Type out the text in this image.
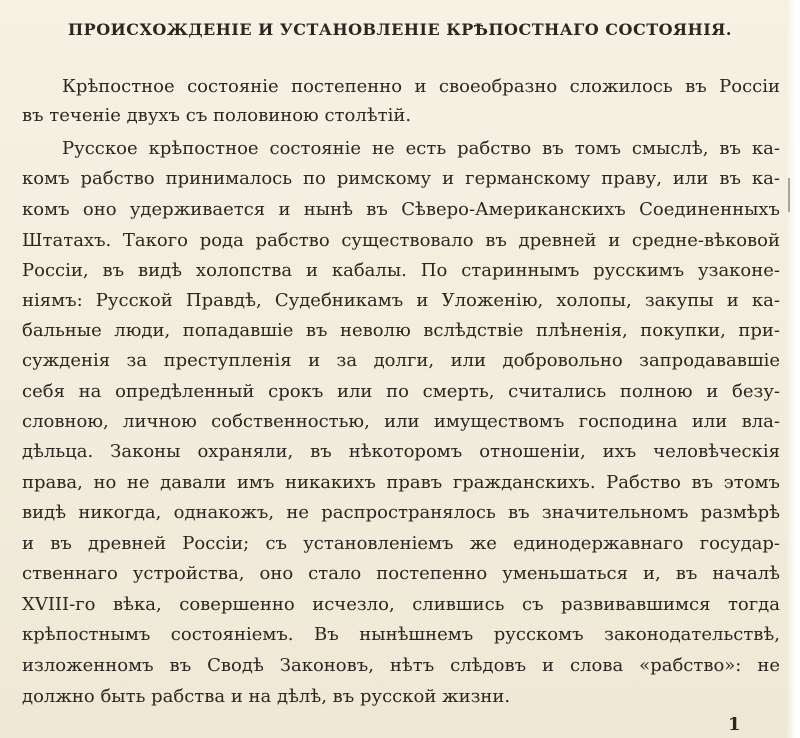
ПРОИСХОЖДЕНІЕ И УСТАНОВЛЕНІЕ КРѢПОСТНАГО СОСТОЯНІЯ.
Крѣпостное состояніе постепенно и своеобразно сложилось въ Россіи
въ теченіе двухъ съ половиною столѣтій.
Русское крѣпостное состояніе не есть рабство въ томъ смыслѣ, въ ка-
комъ рабство принималось по римскому и германскому праву, или въ ка-
комъ оно удерживается и нынѣ въ Сѣверо-Американскихъ Соединенныхъ
Штатахъ. Такого рода рабство существовало въ древней и средне-вѣковой
Россіи, въ видѣ холопства и кабалы. По стариннымъ русскимъ узаконе-
ніямъ: Русской Правдѣ, Судебникамъ и Уложенію, холопы, закупы и ка-
бальные люди, попадавшіе въ неволю вслѣдствіе плѣненія, покупки, при-
сужденія за преступленія и за долги, или добровольно запродававшіе
себя на опредѣленный срокъ или по смерть, считались полною и безу-
словною, личною собственностью, или имуществомъ господина или вла-
дѣльца. Законы охраняли, въ нѣкоторомъ отношеніи, ихъ человѣческія
права, но не давали имъ никакихъ правъ гражданскихъ. Рабство въ этомъ
видѣ никогда, однакожъ, не распространялось въ значительномъ размѣрѣ
и въ древней Россіи; съ установленіемъ же единодержавнаго государ-
ственнаго устройства, оно стало постепенно уменьшаться и, въ началѣ
XVIII-го вѣка, совершенно исчезло, слившись съ развивавшимся тогда
крѣпостнымъ состояніемъ. Въ нынѣшнемъ русскомъ законодательствѣ,
изложенномъ въ Сводѣ Законовъ, нѣтъ слѣдовъ и слова «рабство»: не
должно быть рабства и на дѣлѣ, въ русской жизни.
1
